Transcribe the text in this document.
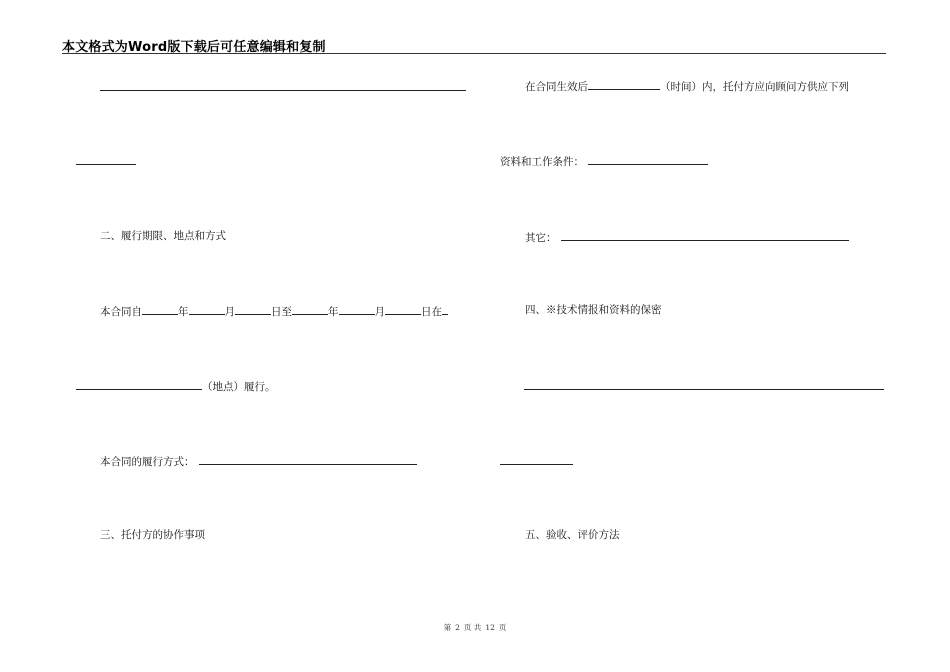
本文格式为Word版下载后可任意编辑和复制
二、履行期限、地点和方式
本合同自	年	月	日至	年	月	日在
（地点）履行。
本合同的履行方式：
三、托付方的协作事项
在合同生效后	（时间）内，托付方应向顾问方供应下列
资料和工作条件：
其它：
四、※技术情报和资料的保密
五、验收、评价方法
第 2 页 共 12 页
